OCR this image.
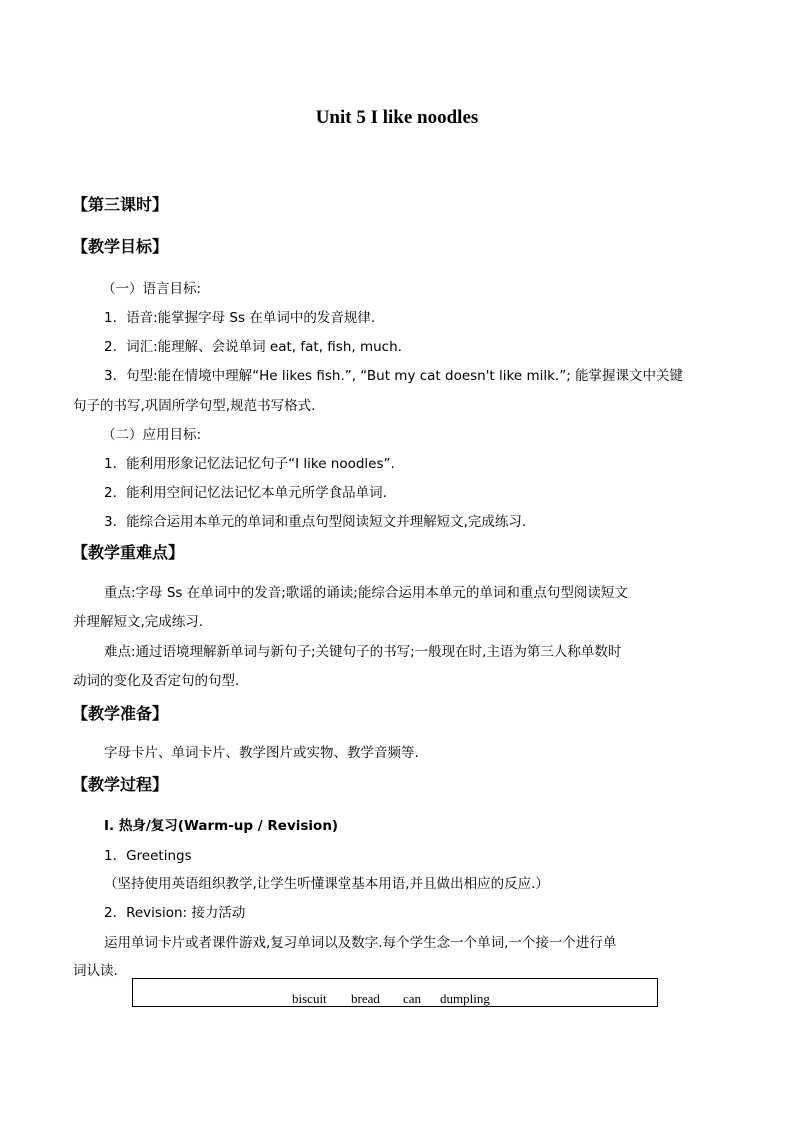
Unit 5 I like noodles
【第三课时】
【教学目标】
（一）语言目标:
1．语音:能掌握字母 Ss 在单词中的发音规律.
2．词汇:能理解、会说单词 eat, fat, fish, much.
3．句型:能在情境中理解“He likes fish.”, “But my cat doesn't like milk.”; 能掌握课文中关键
句子的书写,巩固所学句型,规范书写格式.
（二）应用目标:
1．能利用形象记忆法记忆句子“I like noodles”.
2．能利用空间记忆法记忆本单元所学食品单词.
3．能综合运用本单元的单词和重点句型阅读短文并理解短文,完成练习.
【教学重难点】
重点:字母 Ss 在单词中的发音;歌谣的诵读;能综合运用本单元的单词和重点句型阅读短文
并理解短文,完成练习.
难点:通过语境理解新单词与新句子;关键句子的书写;一般现在时,主语为第三人称单数时
动词的变化及否定句的句型.
【教学准备】
字母卡片、单词卡片、教学图片或实物、教学音频等.
【教学过程】
I. 热身/复习(Warm-up / Revision)
1．Greetings
（坚持使用英语组织教学,让学生听懂课堂基本用语,并且做出相应的反应.）
2．Revision: 接力活动
运用单词卡片或者课件游戏,复习单词以及数字.每个学生念一个单词,一个接一个进行单
词认读.
biscuit bread can dumpling
